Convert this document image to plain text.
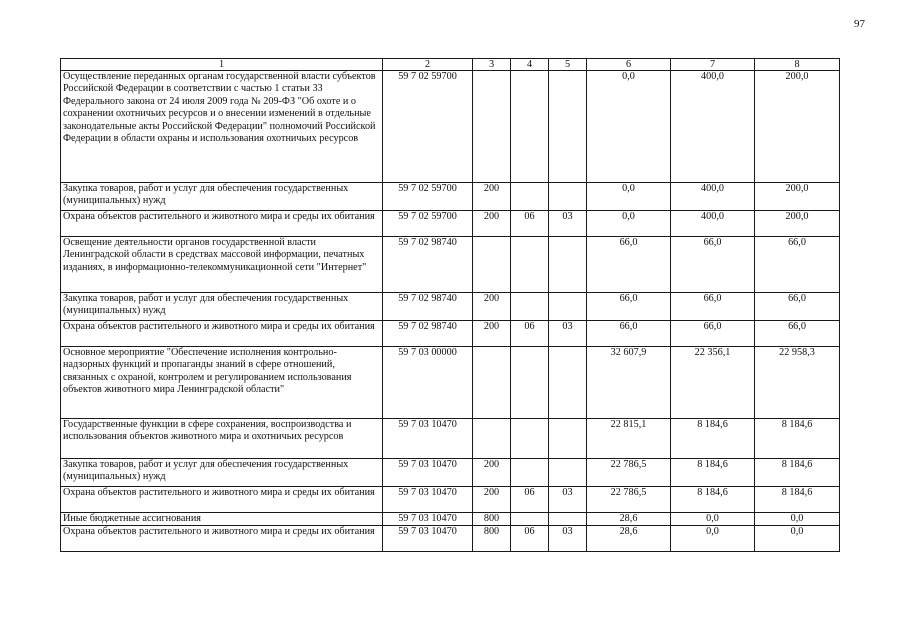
97
1	2	3	4	5	6	7	8
Осуществление переданных органам государственной власти субъектов Российской Федерации в соответствии с частью 1 статьи 33 Федерального закона от 24 июля 2009 года № 209-ФЗ "Об охоте и о сохранении охотничьих ресурсов и о внесении изменений в отдельные законодательные акты Российской Федерации" полномочий Российской Федерации в области охраны и использования охотничьих ресурсов	59 7 02 59700				0,0	400,0	200,0
Закупка товаров, работ и услуг для обеспечения государственных (муниципальных) нужд	59 7 02 59700	200			0,0	400,0	200,0
Охрана объектов растительного и животного мира и среды их обитания	59 7 02 59700	200	06	03	0,0	400,0	200,0
Освещение деятельности органов государственной власти Ленинградской области в средствах массовой информации, печатных изданиях, в информационно-телекоммуникационной сети "Интернет"	59 7 02 98740				66,0	66,0	66,0
Закупка товаров, работ и услуг для обеспечения государственных (муниципальных) нужд	59 7 02 98740	200			66,0	66,0	66,0
Охрана объектов растительного и животного мира и среды их обитания	59 7 02 98740	200	06	03	66,0	66,0	66,0
Основное мероприятие "Обеспечение исполнения контрольно-надзорных функций и пропаганды знаний в сфере отношений, связанных с охраной, контролем и регулированием использования объектов животного мира Ленинградской области"	59 7 03 00000				32 607,9	22 356,1	22 958,3
Государственные функции в сфере сохранения, воспроизводства и использования объектов животного мира и охотничьих ресурсов	59 7 03 10470				22 815,1	8 184,6	8 184,6
Закупка товаров, работ и услуг для обеспечения государственных (муниципальных) нужд	59 7 03 10470	200			22 786,5	8 184,6	8 184,6
Охрана объектов растительного и животного мира и среды их обитания	59 7 03 10470	200	06	03	22 786,5	8 184,6	8 184,6
Иные бюджетные ассигнования	59 7 03 10470	800			28,6	0,0	0,0
Охрана объектов растительного и животного мира и среды их обитания	59 7 03 10470	800	06	03	28,6	0,0	0,0
